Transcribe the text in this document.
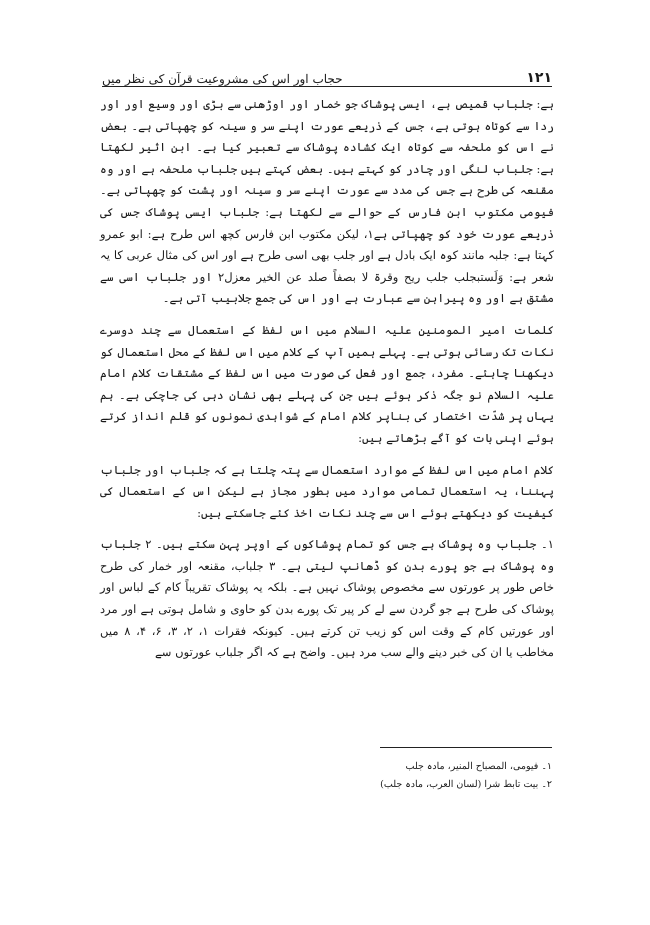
۱۲۱
حجاب اور اس کی مشروعیت قرآن کی نظر میں

ہے: جلباب قمیص ہے، ایسی پوشاک جو خمار اور اوڑھنی سے بڑی اور وسیع اور اور ردا سے کوتاہ ہوتی ہے، جس کے ذریعے عورت اپنے سر و سینہ کو چھپاتی ہے۔ بعض نے اس کو ملحفہ سے کوتاہ ایک کشادہ پوشاک سے تعبیر کیا ہے۔ ابن اثیر لکھتا ہے: جلباب لنگی اور چادر کو کہتے ہیں۔ بعض کہتے ہیں جلباب ملحفہ ہے اور وہ مقنعہ کی طرح ہے جس کی مدد سے عورت اپنے سر و سینہ اور پشت کو چھپاتی ہے۔ فیومی مکتوب ابن فارس کے حوالے سے لکھتا ہے: جلباب ایسی پوشاک جس کی ذریعے عورت خود کو چھپاتی ہے۱، لیکن مکتوب ابن فارس کچھ اس طرح ہے: ابو عمرو کہتا ہے: جلبہ مانند کوہ ایک بادل ہے اور جلب بھی اسی طرح ہے اور اس کی مثال عربی کا یہ شعر ہے: وَلَستبجلب جلب ریح وقرۃ لا بصفاً صلد عن الخیر معزل۲ اور جلباب اسی سے مشتق ہے اور وہ پیراہن سے عبارت ہے اور اس کی جمع جلابیب آتی ہے۔

کلمات امیر المومنین علیہ السلام میں اس لفظ کے استعمال سے چند دوسرے نکات تک رسائی ہوتی ہے۔ پہلے ہمیں آپ کے کلام میں اس لفظ کے محل استعمال کو دیکھنا چاہئے۔ مفرد، جمع اور فعل کی صورت میں اس لفظ کے مشتقات کلام امام علیہ السلام نو جگہ ذکر ہوئے ہیں جن کی پہلے بھی نشان دہی کی جاچکی ہے۔ ہم یہاں پر شدّت اختصار کی بناپر کلام امام کے شواہدی نمونوں کو قلم انداز کرتے ہوئے اپنی بات کو آگے بڑھاتے ہیں:

کلام امام میں اس لفظ کے موارد استعمال سے پتہ چلتا ہے کہ جلباب اور جلباب پہننا، یہ استعمال تمامی موارد میں بطور مجاز ہے لیکن اس کے استعمال کی کیفیت کو دیکھتے ہوئے اس سے چند نکات اخذ کئے جاسکتے ہیں:

۱۔ جلباب وہ پوشاک ہے جس کو تمام پوشاکوں کے اوپر پہن سکتے ہیں۔ ۲ جلباب وہ پوشاک ہے جو پورے بدن کو ڈھانپ لیتی ہے۔ ۳ جلباب، مقنعہ اور خمار کی طرح خاص طور پر عورتوں سے مخصوص پوشاک نہیں ہے۔ بلکہ یہ پوشاک تقریباً کام کے لباس اور پوشاک کی طرح ہے جو گردن سے لے کر پیر تک پورے بدن کو حاوی و شامل ہوتی ہے اور مرد اور عورتیں کام کے وقت اس کو زیب تن کرتے ہیں۔ کیونکہ فقرات ۱، ۲، ۳، ۶، ۴، ۸ میں مخاطب یا ان کی خبر دینے والے سب مرد ہیں۔ واضح ہے کہ اگر جلباب عورتوں سے

۱۔ فیومی، المصباح المنیر، مادہ جلب

۲۔ بیت تابط شرا (لسان العرب، مادہ جلب)
